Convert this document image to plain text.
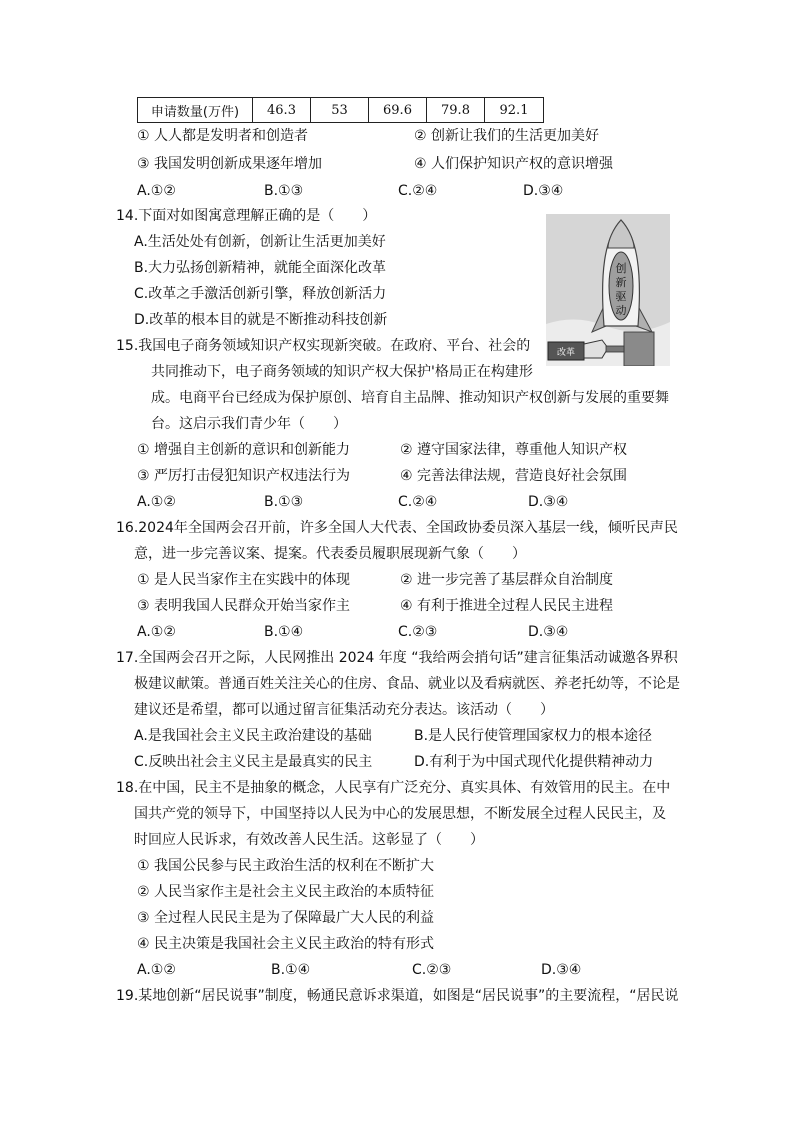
申请数量(万件)	46.3	53	69.6	79.8	92.1
① 人人都是发明者和创造者	② 创新让我们的生活更加美好
③ 我国发明创新成果逐年增加	④ 人们保护知识产权的意识增强
A.①②	B.①③	C.②④	D.③④
14.下面对如图寓意理解正确的是（　　）
A.生活处处有创新，创新让生活更加美好
B.大力弘扬创新精神，就能全面深化改革
C.改革之手激活创新引擎，释放创新活力
D.改革的根本目的就是不断推动科技创新
创
新
驱
动
改革
15.我国电子商务领域知识产权实现新突破。在政府、平台、社会的
共同推动下，电子商务领域的知识产权大保护'格局正在构建形
成。电商平台已经成为保护原创、培育自主品牌、推动知识产权创新与发展的重要舞
台。这启示我们青少年（　　）
① 增强自主创新的意识和创新能力	② 遵守国家法律，尊重他人知识产权
③ 严厉打击侵犯知识产权违法行为	④ 完善法律法规，营造良好社会氛围
A.①②	B.①③	C.②④	D.③④
16.2024年全国两会召开前，许多全国人大代表、全国政协委员深入基层一线，倾听民声民
意，进一步完善议案、提案。代表委员履职展现新气象（　　）
① 是人民当家作主在实践中的体现	② 进一步完善了基层群众自治制度
③ 表明我国人民群众开始当家作主	④ 有利于推进全过程人民民主进程
A.①②	B.①④	C.②③	D.③④
17.全国两会召开之际，人民网推出 2024 年度 “我给两会捎句话”建言征集活动诚邀各界积
极建议献策。普通百姓关注关心的住房、食品、就业以及看病就医、养老托幼等，不论是
建议还是希望，都可以通过留言征集活动充分表达。该活动（　　）
A.是我国社会主义民主政治建设的基础	B.是人民行使管理国家权力的根本途径
C.反映出社会主义民主是最真实的民主	D.有利于为中国式现代化提供精神动力
18.在中国，民主不是抽象的概念，人民享有广泛充分、真实具体、有效管用的民主。在中
国共产党的领导下，中国坚持以人民为中心的发展思想，不断发展全过程人民民主，及
时回应人民诉求，有效改善人民生活。这彰显了（　　）
① 我国公民参与民主政治生活的权利在不断扩大
② 人民当家作主是社会主义民主政治的本质特征
③ 全过程人民民主是为了保障最广大人民的利益
④ 民主决策是我国社会主义民主政治的特有形式
A.①②	B.①④	C.②③	D.③④
19.某地创新“居民说事”制度，畅通民意诉求渠道，如图是“居民说事”的主要流程，“居民说
